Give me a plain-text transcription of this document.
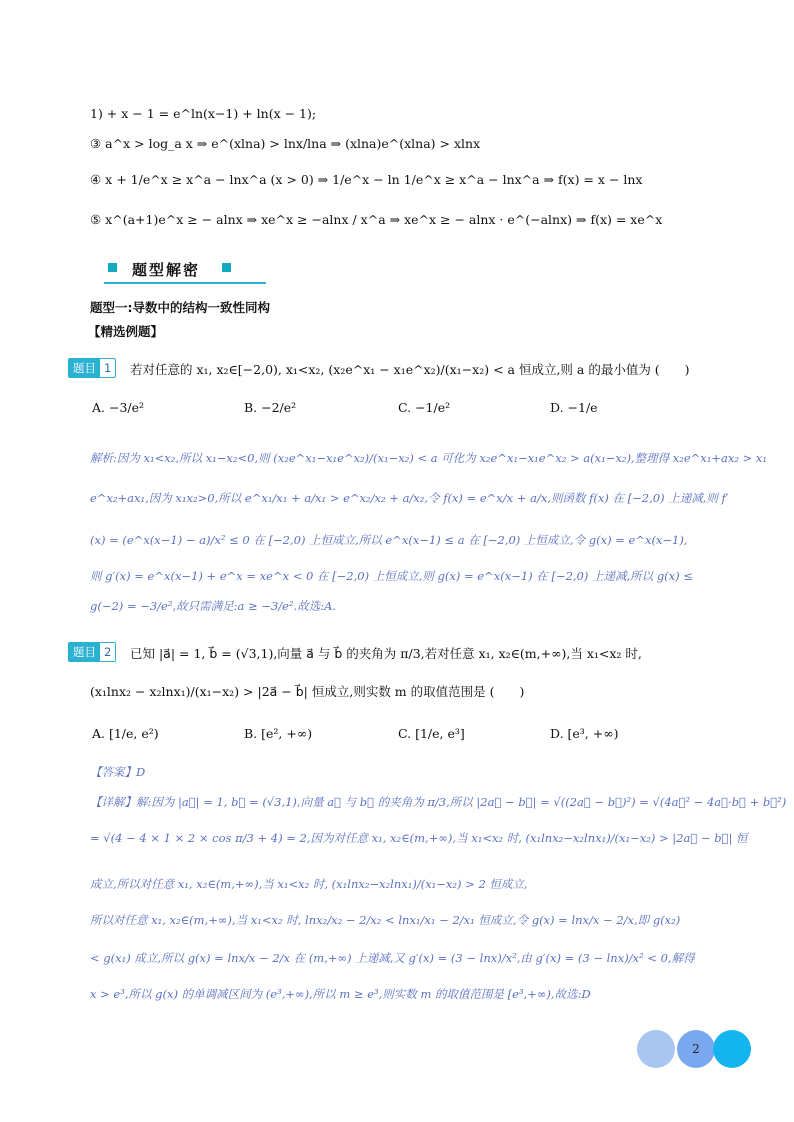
1) + x − 1 = e^ln(x−1) + ln(x − 1);
③ a^x > log_a x ⇒ e^(xlna) > lnx/lna ⇒ (xlna)e^(xlna) > xlnx
④ x + 1/e^x ≥ x^a − lnx^a (x > 0) ⇒ 1/e^x − ln 1/e^x ≥ x^a − lnx^a ⇒ f(x) = x − lnx
⑤ x^(a+1)e^x ≥ − alnx ⇒ xe^x ≥ −alnx / x^a ⇒ xe^x ≥ − alnx · e^(−alnx) ⇒ f(x) = xe^x
题型解密
题型一:导数中的结构一致性同构
【精选例题】
题目 1	若对任意的 x₁, x₂∈[−2,0), x₁<x₂, (x₂e^x₁ − x₁e^x₂)/(x₁−x₂) < a 恒成立,则 a 的最小值为 (　　)
A. −3/e²	B. −2/e²	C. −1/e²	D. −1/e
解析:因为 x₁<x₂,所以 x₁−x₂<0,则 (x₂e^x₁−x₁e^x₂)/(x₁−x₂) < a 可化为 x₂e^x₁−x₁e^x₂ > a(x₁−x₂),整理得 x₂e^x₁+ax₂ > x₁
e^x₂+ax₁,因为 x₁x₂>0,所以 e^x₁/x₁ + a/x₁ > e^x₂/x₂ + a/x₂,令 f(x) = e^x/x + a/x,则函数 f(x) 在 [−2,0) 上递减,则 f′
(x) = (e^x(x−1) − a)/x² ≤ 0 在 [−2,0) 上恒成立,所以 e^x(x−1) ≤ a 在 [−2,0) 上恒成立,令 g(x) = e^x(x−1),
则 g′(x) = e^x(x−1) + e^x = xe^x < 0 在 [−2,0) 上恒成立,则 g(x) = e^x(x−1) 在 [−2,0) 上递减,所以 g(x) ≤
g(−2) = −3/e²,故只需满足:a ≥ −3/e².故选:A.
题目 2	已知 |a⃗| = 1, b⃗ = (√3,1),向量 a⃗ 与 b⃗ 的夹角为 π/3,若对任意 x₁, x₂∈(m,+∞),当 x₁<x₂ 时,
(x₁lnx₂ − x₂lnx₁)/(x₁−x₂) > |2a⃗ − b⃗| 恒成立,则实数 m 的取值范围是 (　　)
A. [1/e, e²)	B. [e², +∞)	C. [1/e, e³]	D. [e³, +∞)
【答案】D
【详解】解:因为 |a⃗| = 1, b⃗ = (√3,1),向量 a⃗ 与 b⃗ 的夹角为 π/3,所以 |2a⃗ − b⃗| = √((2a⃗ − b⃗)²) = √(4a⃗² − 4a⃗·b⃗ + b⃗²)
= √(4 − 4 × 1 × 2 × cos π/3 + 4) = 2,因为对任意 x₁, x₂∈(m,+∞),当 x₁<x₂ 时, (x₁lnx₂−x₂lnx₁)/(x₁−x₂) > |2a⃗ − b⃗| 恒
成立,所以对任意 x₁, x₂∈(m,+∞),当 x₁<x₂ 时, (x₁lnx₂−x₂lnx₁)/(x₁−x₂) > 2 恒成立,
所以对任意 x₁, x₂∈(m,+∞),当 x₁<x₂ 时, lnx₂/x₂ − 2/x₂ < lnx₁/x₁ − 2/x₁ 恒成立,令 g(x) = lnx/x − 2/x,即 g(x₂)
< g(x₁) 成立,所以 g(x) = lnx/x − 2/x 在 (m,+∞) 上递减,又 g′(x) = (3 − lnx)/x²,由 g′(x) = (3 − lnx)/x² < 0,解得
x > e³,所以 g(x) 的单调减区间为 (e³,+∞),所以 m ≥ e³,则实数 m 的取值范围是 [e³,+∞),故选:D
2
